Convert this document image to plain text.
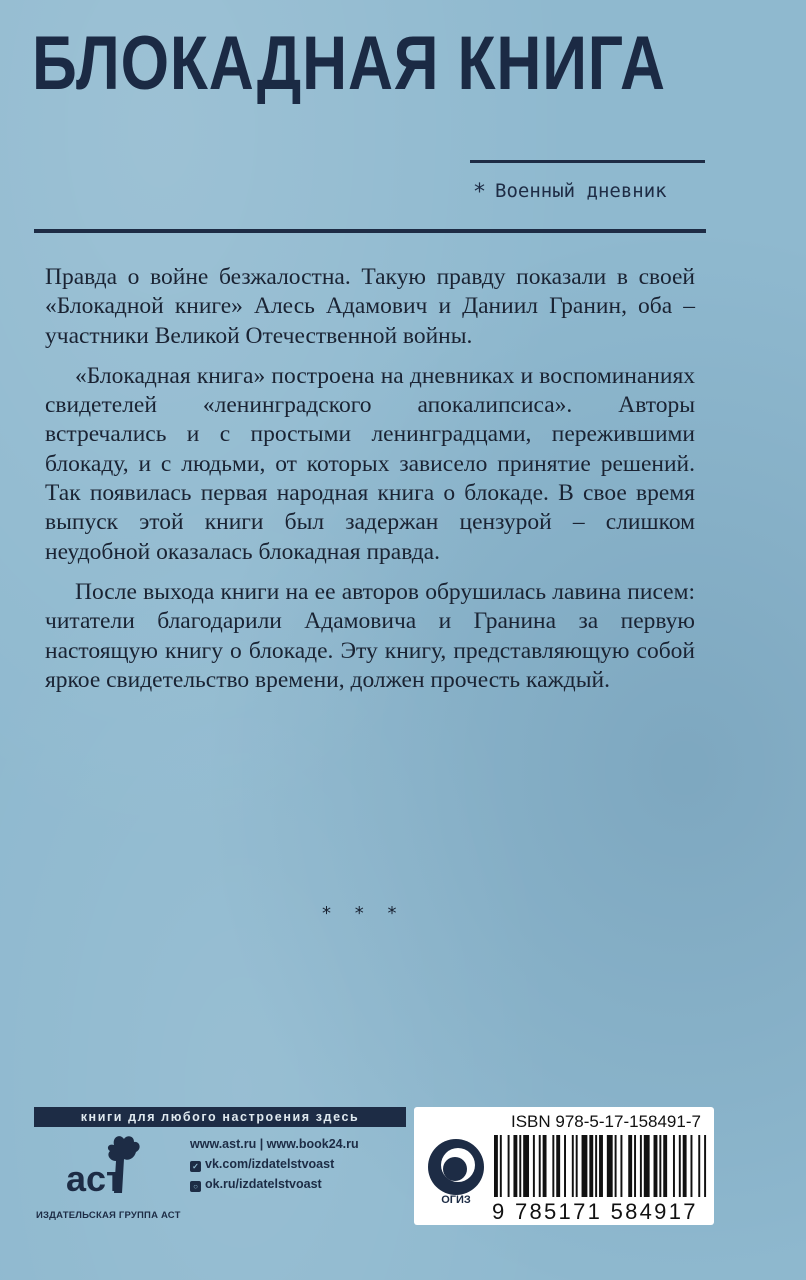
БЛОКАДНАЯ КНИГА
* Военный дневник

Правда о войне безжалостна. Такую правду показали в своей «Блокадной книге» Алесь Адамович и Даниил Гранин, оба – участники Великой Отечественной войны.

«Блокадная книга» построена на дневниках и воспоминаниях свидетелей «ленинградского апокалипсиса». Авторы встречались и с простыми ленинградцами, пережившими блокаду, и с людьми, от которых зависело принятие решений. Так появилась первая народная книга о блокаде. В свое время выпуск этой книги был задержан цензурой – слишком неудобной оказалась блокадная правда.

После выхода книги на ее авторов обрушилась лавина писем: читатели благодарили Адамовича и Гранина за первую настоящую книгу о блокаде. Эту книгу, представляющую собой яркое свидетельство времени, должен прочесть каждый.

* * *
книги для любого настроения здесь
аст
ИЗДАТЕЛЬСКАЯ ГРУППА АСТ
www.ast.ru | www.book24.ru
✓ vk.com/izdatelstvoast
○ ok.ru/izdatelstvoast
ISBN 978-5-17-158491-7
ОГИЗ 9 785171 584917
